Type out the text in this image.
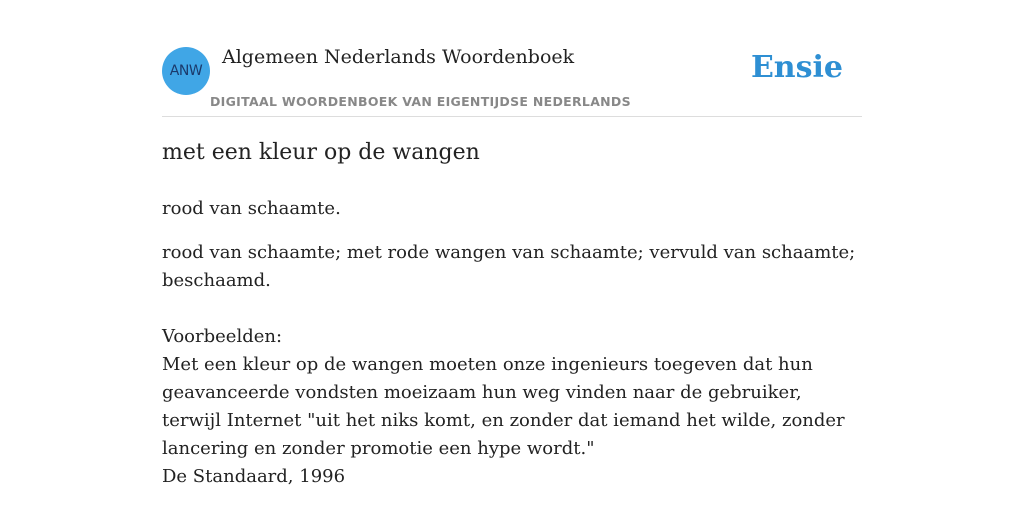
ANW
Algemeen Nederlands Woordenboek
DIGITAAL WOORDENBOEK VAN EIGENTIJDSE NEDERLANDS
Ensie
met een kleur op de wangen

rood van schaamte.

rood van schaamte; met rode wangen van schaamte; vervuld van schaamte; beschaamd.

Voorbeelden:
Met een kleur op de wangen moeten onze ingenieurs toegeven dat hun geavanceerde vondsten moeizaam hun weg vinden naar de gebruiker, terwijl Internet "uit het niks komt, en zonder dat iemand het wilde, zonder lancering en zonder promotie een hype wordt."
De Standaard, 1996
